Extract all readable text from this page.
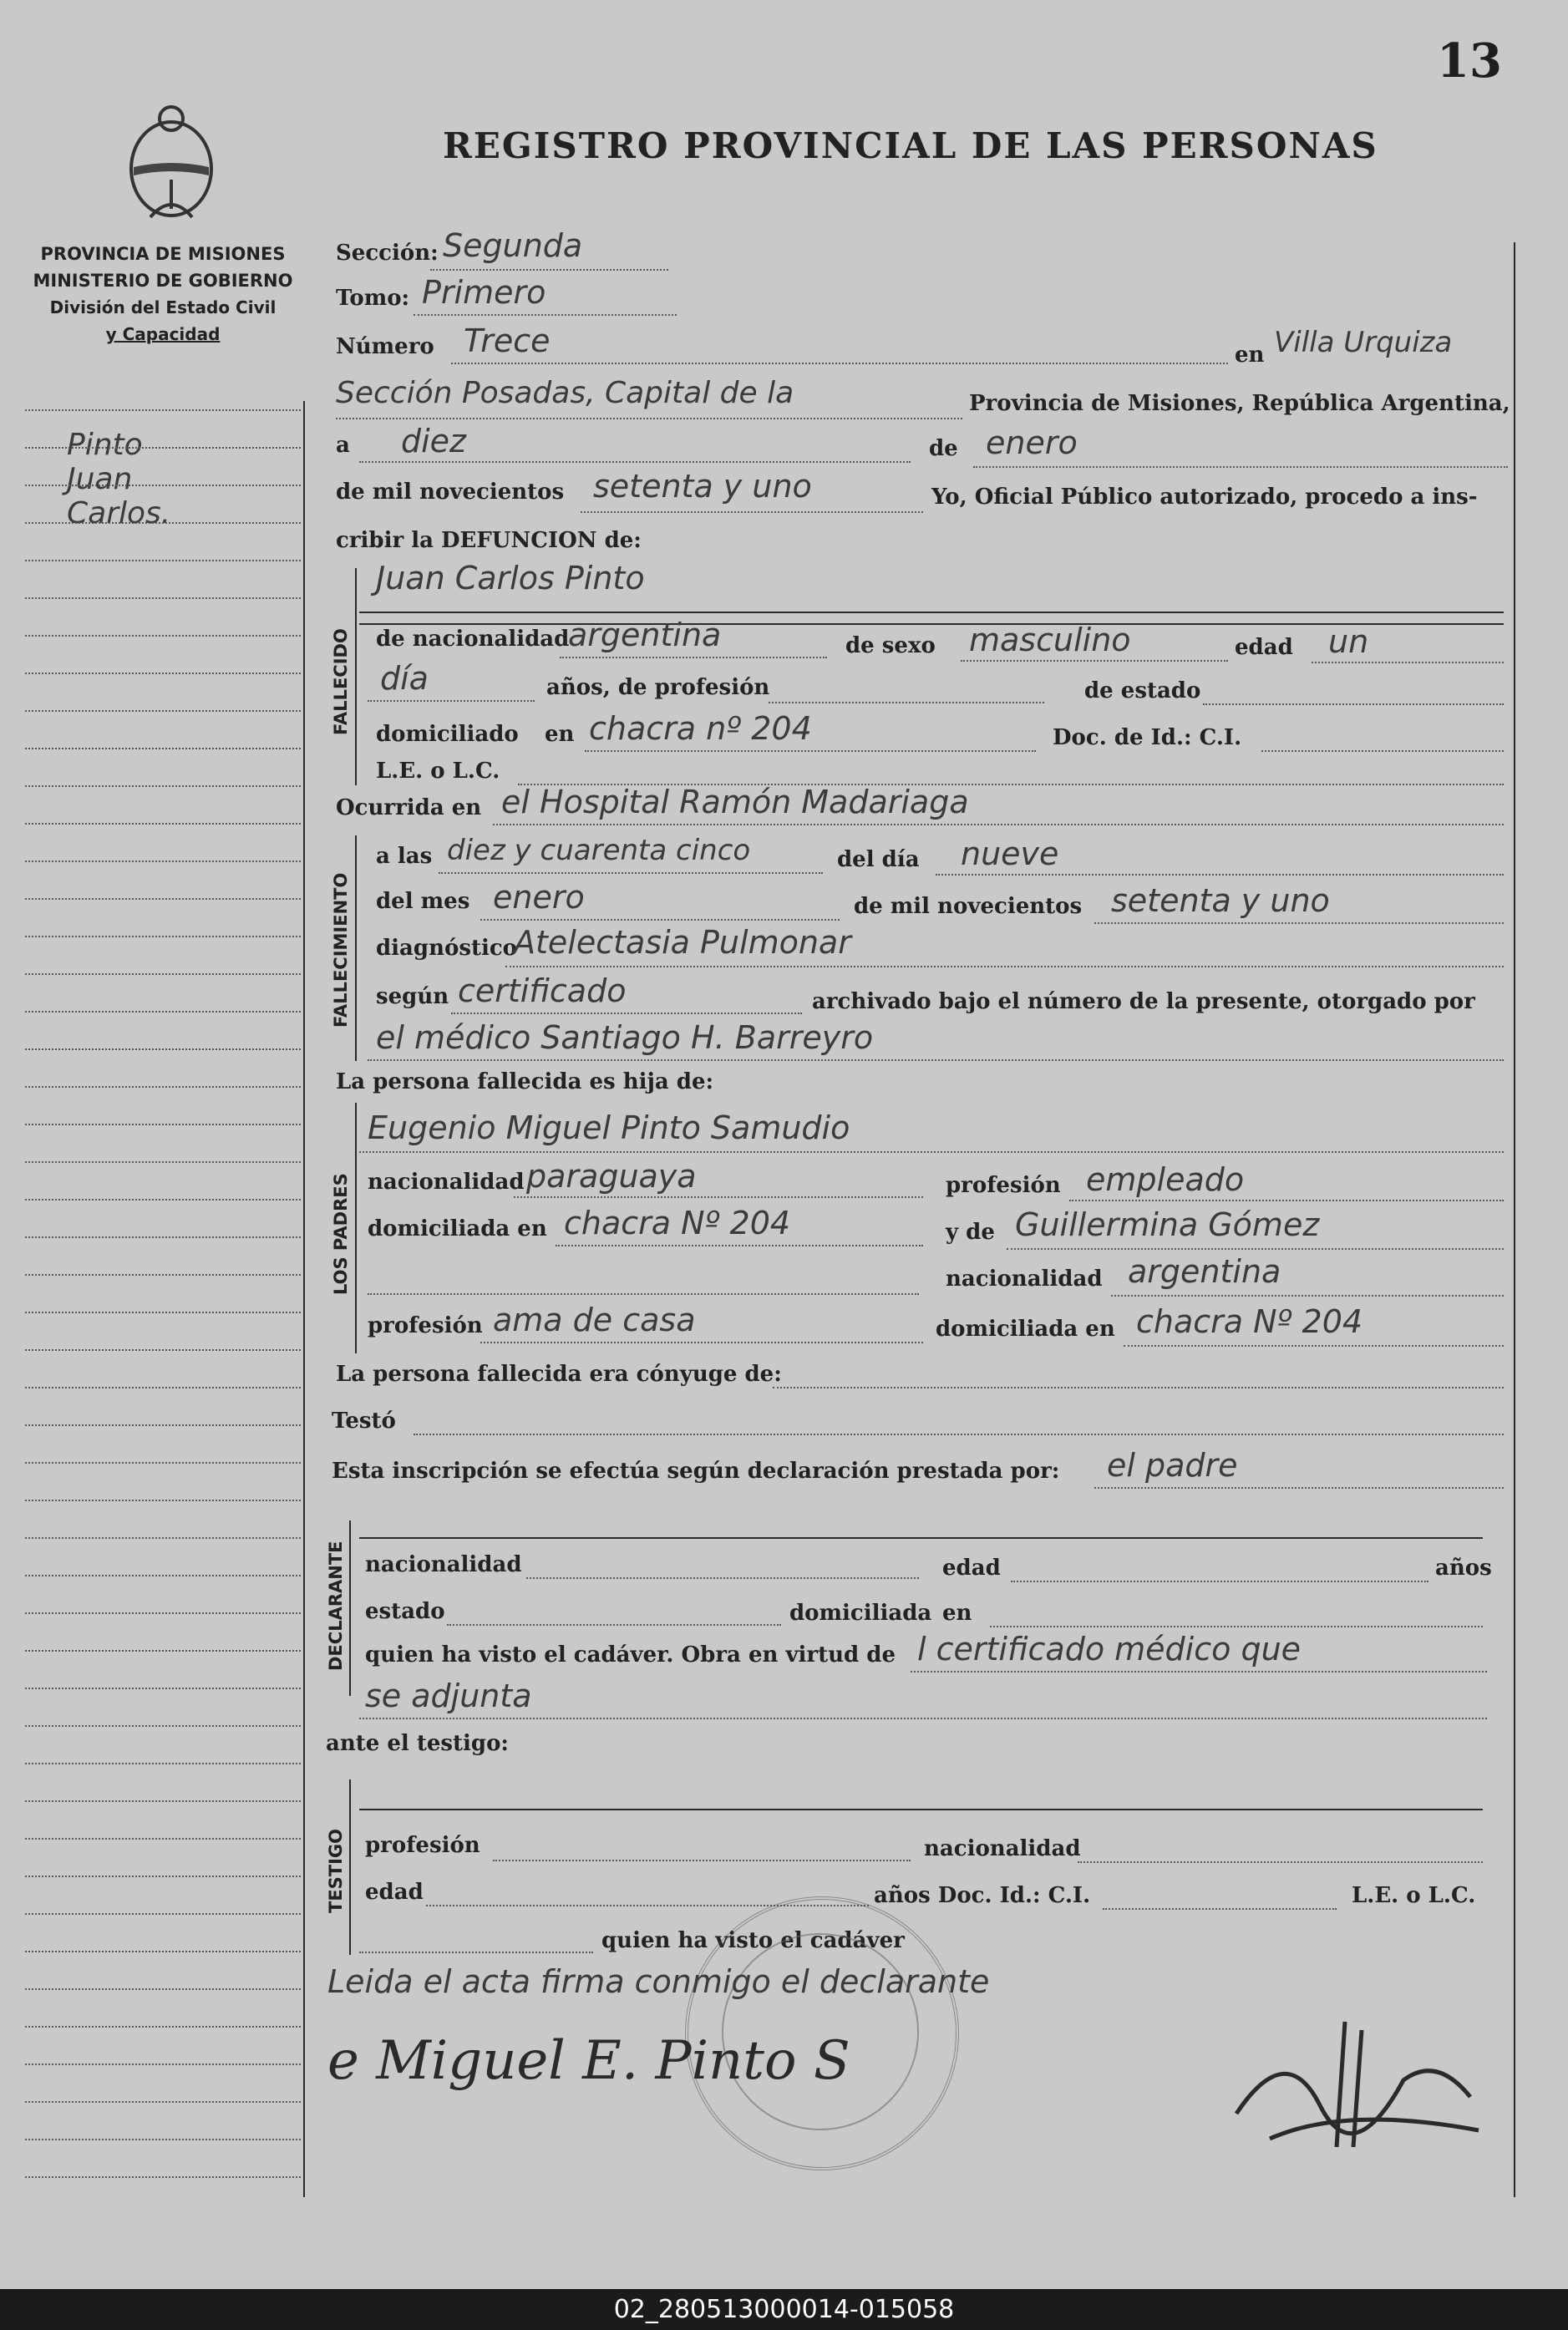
13
REGISTRO PROVINCIAL DE LAS PERSONAS
PROVINCIA DE MISIONES
MINISTERIO DE GOBIERNO
División del Estado Civil
y Capacidad
Pinto
Juan
Carlos.
Sección: Segunda
Tomo: Primero
Número Trece	en Villa Urquiza
Sección Posadas, Capital de la	Provincia de Misiones, República Argentina,
a diez	de enero
de mil novecientos setenta y uno	Yo, Oficial Público autorizado, procedo a ins-
cribir la DEFUNCION de:
FALLECIDO
Juan Carlos Pinto
de nacionalidad
argentina	de sexo masculino	edad un
día	años, de profesión	de estado
domiciliado en chacra nº 204	Doc. de Id.: C.I.
L.E. o L.C.
Ocurrida en el Hospital Ramón Madariaga
FALLECIMIENTO
a las diez y cuarenta cinco	del día nueve
del mes enero	de mil novecientos setenta y uno
diagnóstico
Atelectasia Pulmonar
según certificado	archivado bajo el número de la presente, otorgado por
el médico Santiago H. Barreyro
La persona fallecida es hija de:
LOS PADRES
Eugenio Miguel Pinto Samudio
nacionalidad paraguaya	profesión empleado
domiciliada en chacra Nº 204	y de Guillermina Gómez
nacionalidad argentina
profesión ama de casa	domiciliada en chacra Nº 204
La persona fallecida era cónyuge de:
Testó
Esta inscripción se efectúa según declaración prestada por: el padre
DECLARANTE nacionalidad	edad	años
estado	domiciliada en
quien ha visto el cadáver. Obra en virtud de l certificado médico que
se adjunta
ante el testigo:
TESTIGO profesión	nacionalidad
edad	años Doc. Id.: C.I.	L.E. o L.C.
quien ha visto el cadáver
Leida el acta firma conmigo el declarante
e Miguel E. Pinto S
02_280513000014-015058
